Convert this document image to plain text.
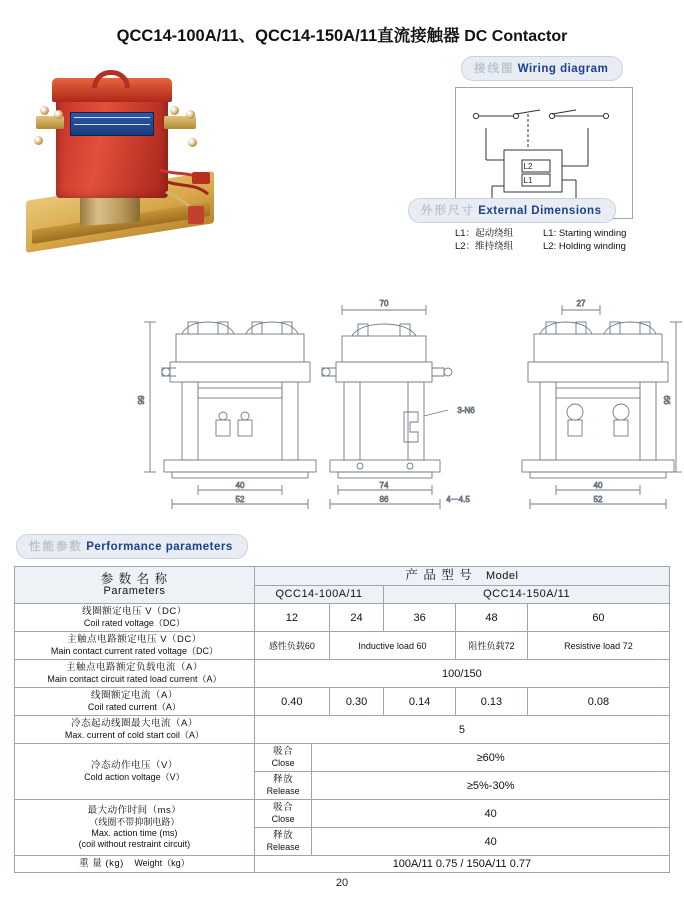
QCC14-100A/11、QCC14-150A/11直流接触器 DC Contactor
接线图 Wiring diagram
L2
L1
L1：起动绕组
L2：维持绕组
L1: Starting winding
L2: Holding winding
外形尺寸 External Dimensions
99
40
52
70
3-N6
74
86	4－4.5
27
99
40
52
性能参数 Performance parameters
参 数 名 称
Parameters	产 品 型 号 Model					
	QCC14-100A/11			QCC14-150A/11		

线圈额定电压 V（DC）
Coil rated voltage（DC）	12		24	36	48	60

主触点电路额定电压 V（DC）
Main contact current rated voltage（DC）	感性负载60		Inductive load 60		阻性负载72	Resistive load 72

主触点电路额定负载电流（A）
Main contact circuit rated load current（A）	100/150					

线圈额定电流（A）
Coil rated current（A）	0.40		0.30	0.14	0.13	0.08

冷态起动线圈最大电流（A）
Max. current of cold start coil（A）	5					

冷态动作电压（V）
Cold action voltage（V）

吸合
Close	≥60%

	释放
Release	≥5%-30%				

最大动作时间（ms）
（线圈不带抑制电路）
Max. action time (ms)
(coil without restraint circuit)

吸合
Close	40

	释放
Release	40				
重 量 (kg) Weight（kg）	100A/11 0.75 / 150A/11 0.77					
20
